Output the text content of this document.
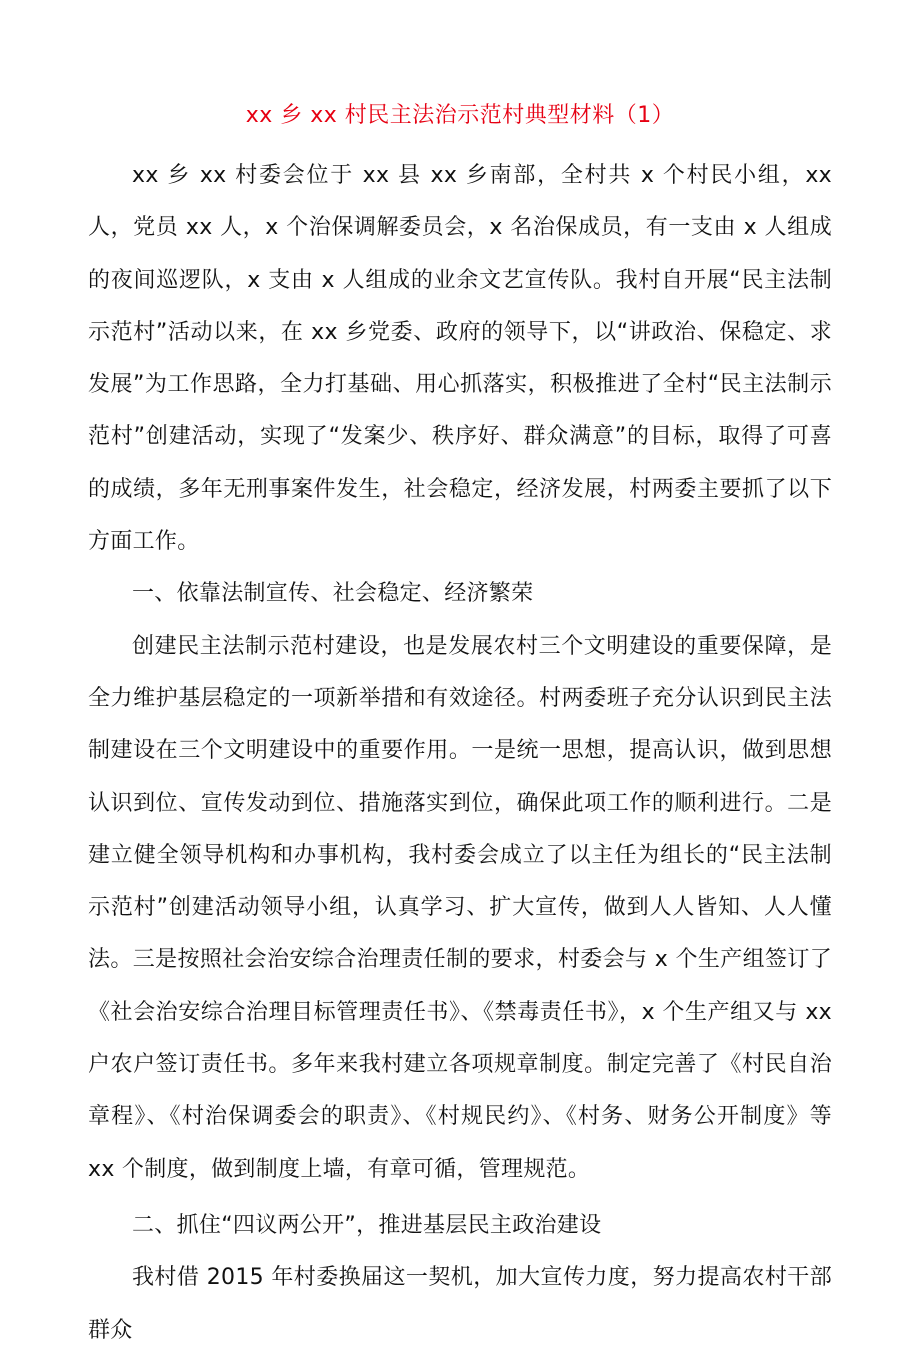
xx 乡 xx 村民主法治示范村典型材料（1）

xx 乡 xx 村委会位于 xx 县 xx 乡南部，全村共 x 个村民小组，xx 人，党员 xx 人，x 个治保调解委员会，x 名治保成员，有一支由 x 人组成的夜间巡逻队，x 支由 x 人组成的业余文艺宣传队。我村自开展“民主法制示范村”活动以来，在 xx 乡党委、政府的领导下，以“讲政治、保稳定、求发展”为工作思路，全力打基础、用心抓落实，积极推进了全村“民主法制示范村”创建活动，实现了“发案少、秩序好、群众满意”的目标，取得了可喜的成绩，多年无刑事案件发生，社会稳定，经济发展，村两委主要抓了以下方面工作。

一、依靠法制宣传、社会稳定、经济繁荣

创建民主法制示范村建设，也是发展农村三个文明建设的重要保障，是全力维护基层稳定的一项新举措和有效途径。村两委班子充分认识到民主法制建设在三个文明建设中的重要作用。一是统一思想，提高认识，做到思想认识到位、宣传发动到位、措施落实到位，确保此项工作的顺利进行。二是建立健全领导机构和办事机构，我村委会成立了以主任为组长的“民主法制示范村”创建活动领导小组，认真学习、扩大宣传，做到人人皆知、人人懂法。三是按照社会治安综合治理责任制的要求，村委会与 x 个生产组签订了《社会治安综合治理目标管理责任书》、《禁毒责任书》，x 个生产组又与 xx 户农户签订责任书。多年来我村建立各项规章制度。制定完善了《村民自治章程》、《村治保调委会的职责》、《村规民约》、《村务、财务公开制度》等 xx 个制度，做到制度上墙，有章可循，管理规范。

二、抓住“四议两公开”，推进基层民主政治建设

我村借 2015 年村委换届这一契机，加大宣传力度，努力提高农村干部群众
